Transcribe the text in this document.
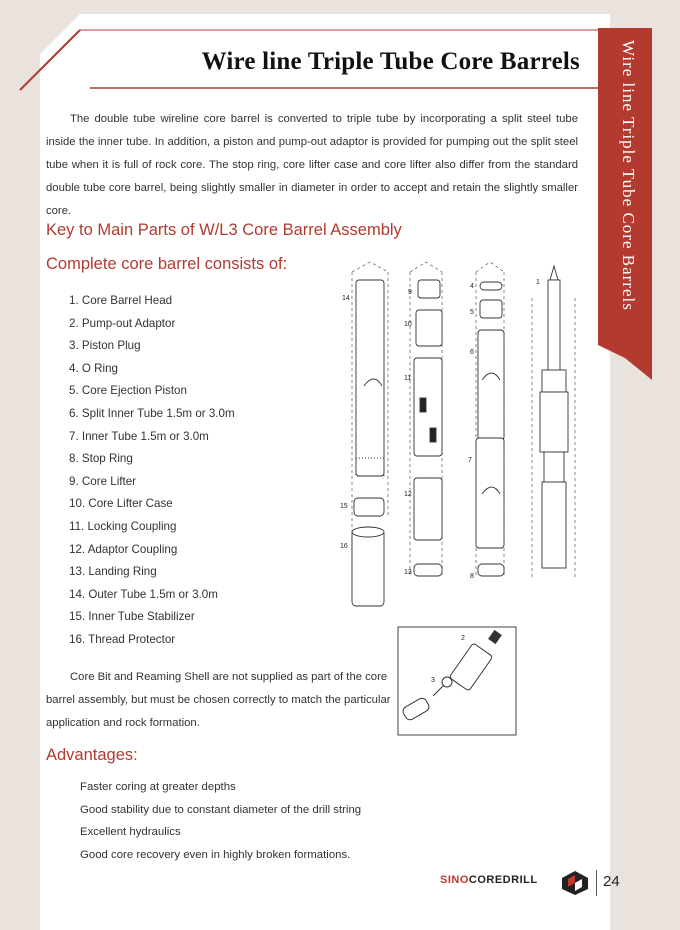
Wire line Triple Tube Core Barrels	Wire line Triple Tube Core Barrels

The double tube wireline core barrel is converted to triple tube by incorporating a split steel tube inside the inner tube. In addition, a piston and pump-out adaptor is provided for pumping out the split steel tube when it is full of rock core. The stop ring, core lifter case and core lifter also differ from the standard double tube core barrel, being slightly smaller in diameter in order to accept and retain the slightly smaller core.

Key to Main Parts of W/L3 Core Barrel Assembly
Complete core barrel consists of:
1. Core Barrel Head
2. Pump-out Adaptor
3. Piston Plug
4. O Ring
5. Core Ejection Piston
6. Split Inner Tube 1.5m or 3.0m
7. Inner Tube 1.5m or 3.0m
8. Stop Ring
9. Core Lifter
10. Core Lifter Case
11. Locking Coupling
12. Adaptor Coupling
13. Landing Ring
14. Outer Tube 1.5m or 3.0m
15. Inner Tube Stabilizer
16. Thread Protector
14
15
16
9
10
11
12
13
4
5
6
7
8
1
2
3

Core Bit and Reaming Shell are not supplied as part of the core barrel assembly, but must be chosen correctly to match the particular application and rock formation.

Advantages:
Faster coring at greater depths
Good stability due to constant diameter of the drill string
Excellent hydraulics
Good core recovery even in highly broken formations.
SINOCOREDRILL	24
